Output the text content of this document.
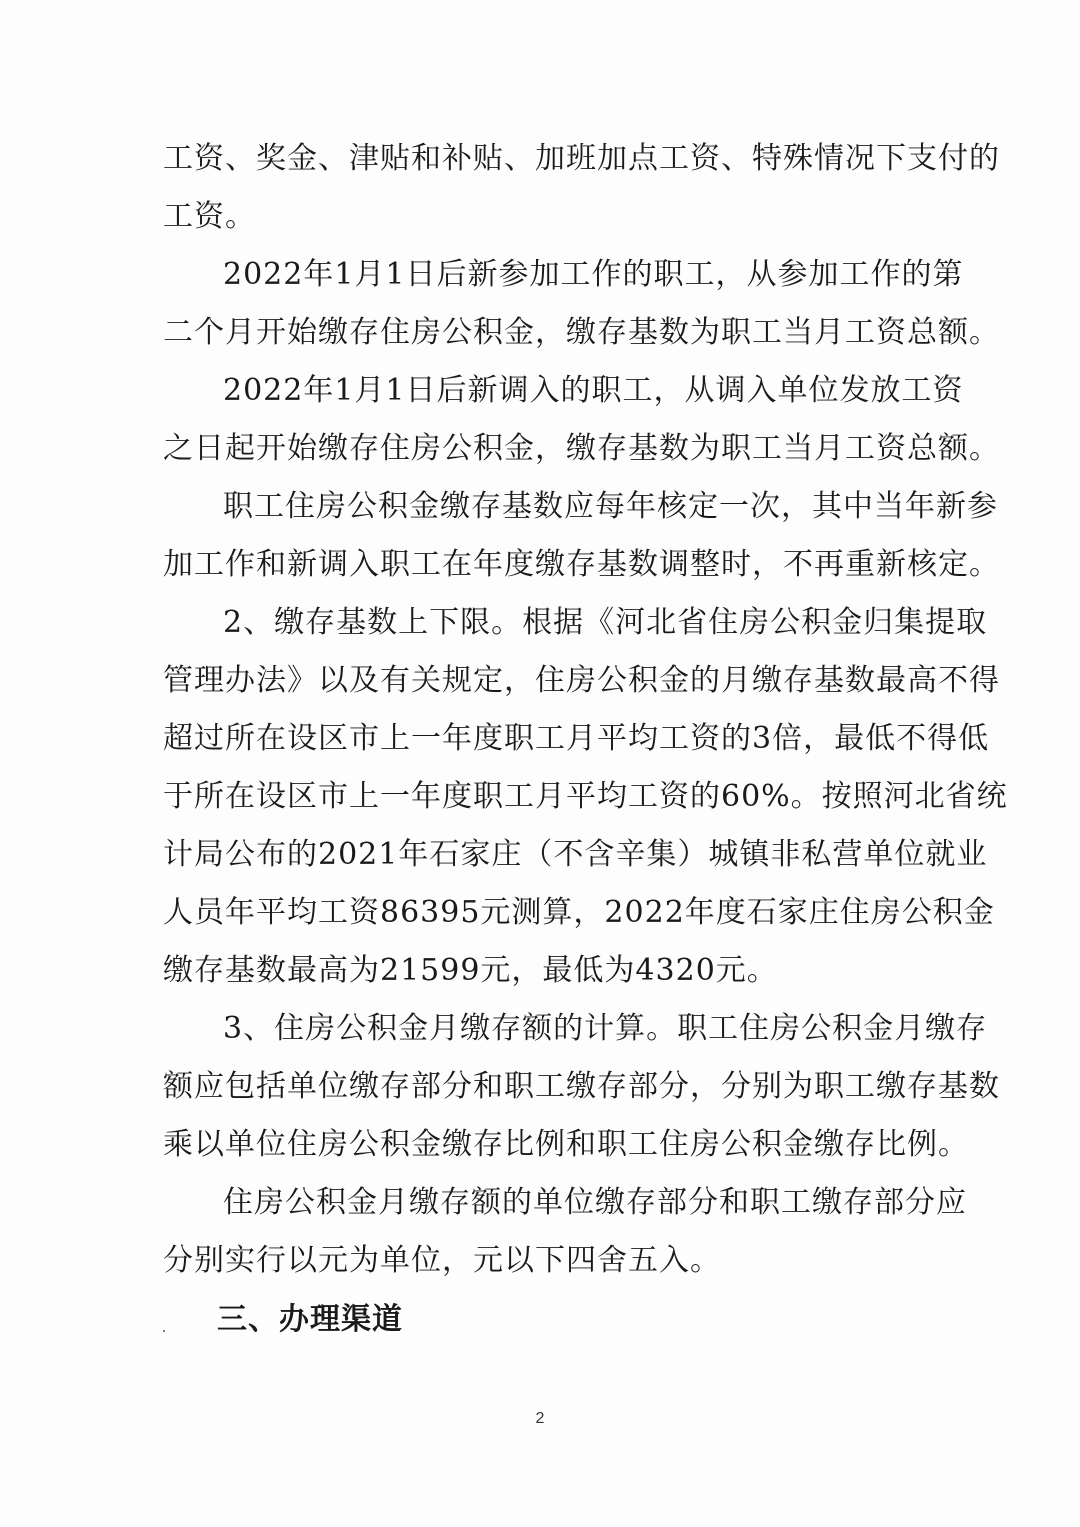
工资、奖金、津贴和补贴、加班加点工资、特殊情况下支付的
工资。
2022年1月1日后新参加工作的职工，从参加工作的第
二个月开始缴存住房公积金，缴存基数为职工当月工资总额。
2022年1月1日后新调入的职工，从调入单位发放工资
之日起开始缴存住房公积金，缴存基数为职工当月工资总额。
职工住房公积金缴存基数应每年核定一次，其中当年新参
加工作和新调入职工在年度缴存基数调整时，不再重新核定。
2、缴存基数上下限。根据《河北省住房公积金归集提取
管理办法》以及有关规定，住房公积金的月缴存基数最高不得
超过所在设区市上一年度职工月平均工资的3倍，最低不得低
于所在设区市上一年度职工月平均工资的60%。按照河北省统
计局公布的2021年石家庄（不含辛集）城镇非私营单位就业
人员年平均工资86395元测算，2022年度石家庄住房公积金
缴存基数最高为21599元，最低为4320元。
3、住房公积金月缴存额的计算。职工住房公积金月缴存
额应包括单位缴存部分和职工缴存部分，分别为职工缴存基数
乘以单位住房公积金缴存比例和职工住房公积金缴存比例。
住房公积金月缴存额的单位缴存部分和职工缴存部分应
分别实行以元为单位，元以下四舍五入。
三、办理渠道
2
